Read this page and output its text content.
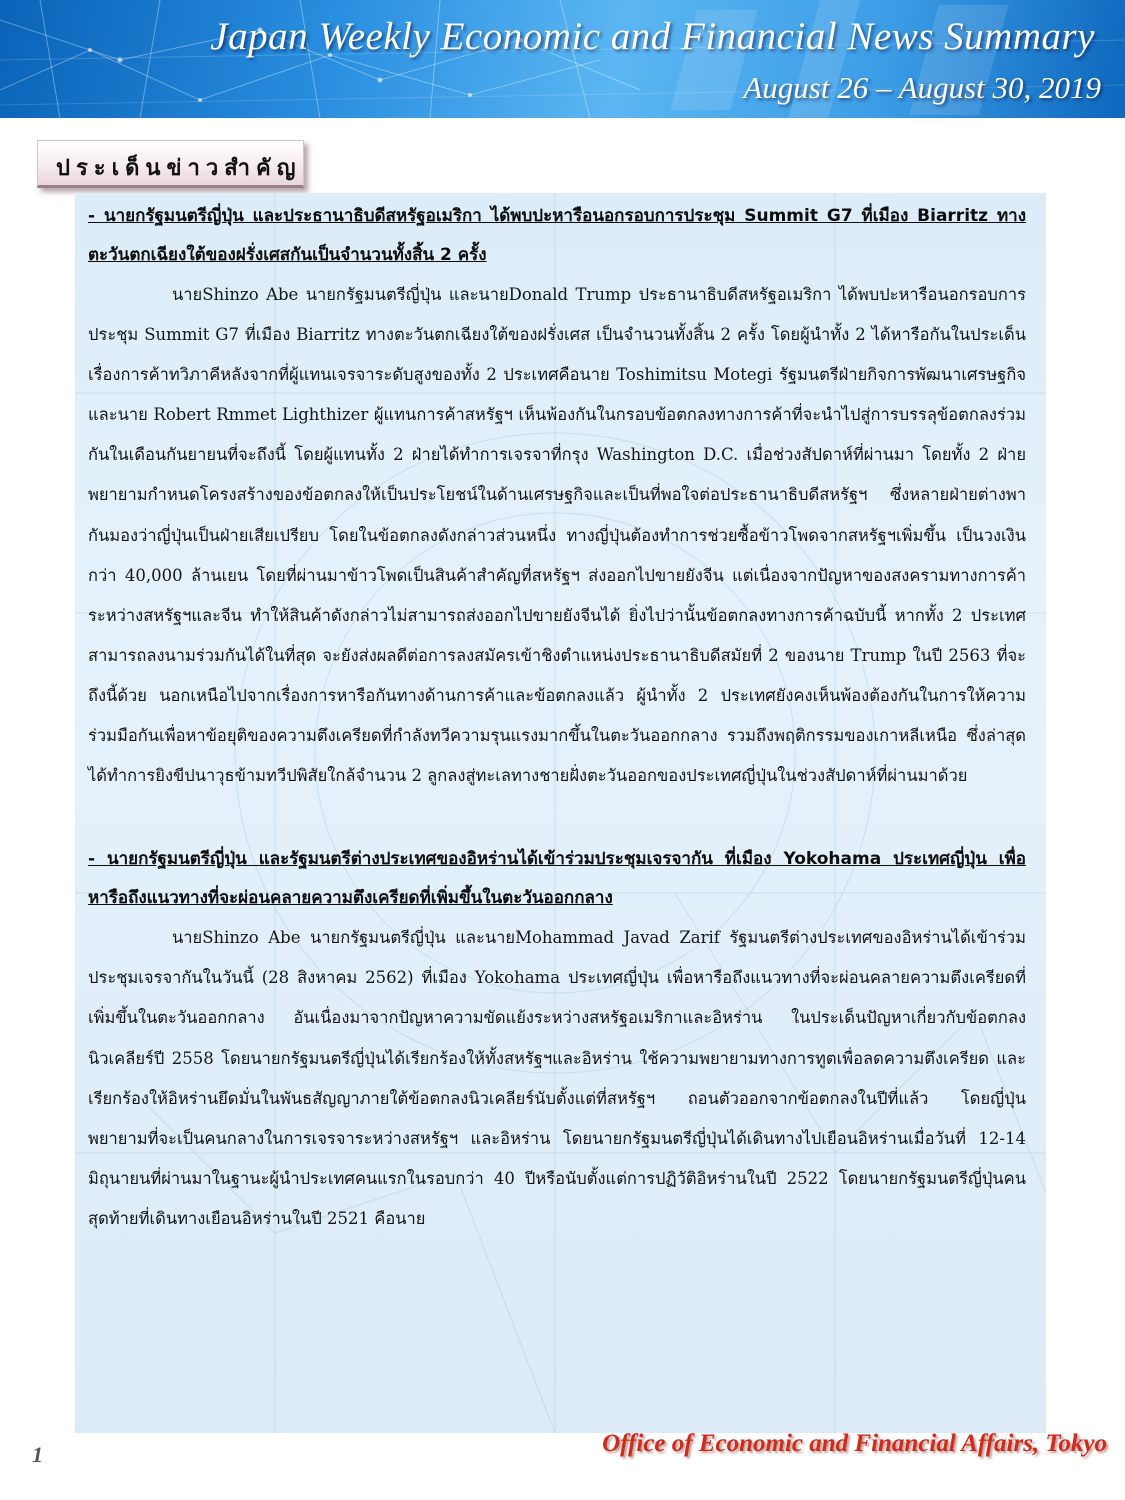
Japan Weekly Economic and Financial News Summary
August 26 – August 30, 2019
ประเด็นข่าวสำคัญ

- นายกรัฐมนตรีญี่ปุ่น และประธานาธิบดีสหรัฐอเมริกา ได้พบปะหารือนอกรอบการประชุม Summit G7 ที่เมือง Biarritz ทางตะวันตกเฉียงใต้ของฝรั่งเศสกันเป็นจำนวนทั้งสิ้น 2 ครั้ง

นายShinzo Abe นายกรัฐมนตรีญี่ปุ่น และนายDonald Trump ประธานาธิบดีสหรัฐอเมริกา ได้พบปะหารือนอกรอบการประชุม Summit G7 ที่เมือง Biarritz ทางตะวันตกเฉียงใต้ของฝรั่งเศส เป็นจำนวนทั้งสิ้น 2 ครั้ง โดยผู้นำทั้ง 2 ได้หารือกันในประเด็นเรื่องการค้าทวิภาคีหลังจากที่ผู้แทนเจรจาระดับสูงของทั้ง 2 ประเทศคือนาย Toshimitsu Motegi รัฐมนตรีฝ่ายกิจการพัฒนาเศรษฐกิจ และนาย Robert Rmmet Lighthizer ผู้แทนการค้าสหรัฐฯ เห็นพ้องกันในกรอบข้อตกลงทางการค้าที่จะนำไปสู่การบรรลุข้อตกลงร่วมกันในเดือนกันยายนที่จะถึงนี้ โดยผู้แทนทั้ง 2 ฝ่ายได้ทำการเจรจาที่กรุง Washington D.C. เมื่อช่วงสัปดาห์ที่ผ่านมา โดยทั้ง 2 ฝ่ายพยายามกำหนดโครงสร้างของข้อตกลงให้เป็นประโยชน์ในด้านเศรษฐกิจและเป็นที่พอใจต่อประธานาธิบดีสหรัฐฯ ซึ่งหลายฝ่ายต่างพากันมองว่าญี่ปุ่นเป็นฝ่ายเสียเปรียบ โดยในข้อตกลงดังกล่าวส่วนหนึ่ง ทางญี่ปุ่นต้องทำการช่วยซื้อข้าวโพดจากสหรัฐฯเพิ่มขึ้น เป็นวงเงินกว่า 40,000 ล้านเยน โดยที่ผ่านมาข้าวโพดเป็นสินค้าสำคัญที่สหรัฐฯ ส่งออกไปขายยังจีน แต่เนื่องจากปัญหาของสงครามทางการค้าระหว่างสหรัฐฯและจีน ทำให้สินค้าดังกล่าวไม่สามารถส่งออกไปขายยังจีนได้ ยิ่งไปว่านั้นข้อตกลงทางการค้าฉบับนี้ หากทั้ง 2 ประเทศสามารถลงนามร่วมกันได้ในที่สุด จะยังส่งผลดีต่อการลงสมัครเข้าชิงตำแหน่งประธานาธิบดีสมัยที่ 2 ของนาย Trump ในปี 2563 ที่จะถึงนี้ด้วย นอกเหนือไปจากเรื่องการหารือกันทางด้านการค้าและข้อตกลงแล้ว ผู้นำทั้ง 2 ประเทศยังคงเห็นพ้องต้องกันในการให้ความร่วมมือกันเพื่อหาข้อยุติของความตึงเครียดที่กำลังทวีความรุนแรงมากขึ้นในตะวันออกกลาง รวมถึงพฤติกรรมของเกาหลีเหนือ ซึ่งล่าสุดได้ทำการยิงขีปนาวุธข้ามทวีปพิสัยใกล้จำนวน 2 ลูกลงสู่ทะเลทางชายฝั่งตะวันออกของประเทศญี่ปุ่นในช่วงสัปดาห์ที่ผ่านมาด้วย

- นายกรัฐมนตรีญี่ปุ่น และรัฐมนตรีต่างประเทศของอิหร่านได้เข้าร่วมประชุมเจรจากัน ที่เมือง Yokohama ประเทศญี่ปุ่น เพื่อหารือถึงแนวทางที่จะผ่อนคลายความตึงเครียดที่เพิ่มขึ้นในตะวันออกกลาง

นายShinzo Abe นายกรัฐมนตรีญี่ปุ่น และนายMohammad Javad Zarif รัฐมนตรีต่างประเทศของอิหร่านได้เข้าร่วมประชุมเจรจากันในวันนี้ (28 สิงหาคม 2562) ที่เมือง Yokohama ประเทศญี่ปุ่น เพื่อหารือถึงแนวทางที่จะผ่อนคลายความตึงเครียดที่เพิ่มขึ้นในตะวันออกกลาง อันเนื่องมาจากปัญหาความขัดแย้งระหว่างสหรัฐอเมริกาและอิหร่าน ในประเด็นปัญหาเกี่ยวกับข้อตกลงนิวเคลียร์ปี 2558 โดยนายกรัฐมนตรีญี่ปุ่นได้เรียกร้องให้ทั้งสหรัฐฯและอิหร่าน ใช้ความพยายามทางการทูตเพื่อลดความตึงเครียด และเรียกร้องให้อิหร่านยึดมั่นในพันธสัญญาภายใต้ข้อตกลงนิวเคลียร์นับตั้งแต่ที่สหรัฐฯ ถอนตัวออกจากข้อตกลงในปีที่แล้ว โดยญี่ปุ่นพยายามที่จะเป็นคนกลางในการเจรจาระหว่างสหรัฐฯ และอิหร่าน โดยนายกรัฐมนตรีญี่ปุ่นได้เดินทางไปเยือนอิหร่านเมื่อวันที่ 12-14 มิถุนายนที่ผ่านมาในฐานะผู้นำประเทศคนแรกในรอบกว่า 40 ปีหรือนับตั้งแต่การปฏิวัติอิหร่านในปี 2522 โดยนายกรัฐมนตรีญี่ปุ่นคนสุดท้ายที่เดินทางเยือนอิหร่านในปี 2521 คือนาย

1	Office of Economic and Financial Affairs, Tokyo
